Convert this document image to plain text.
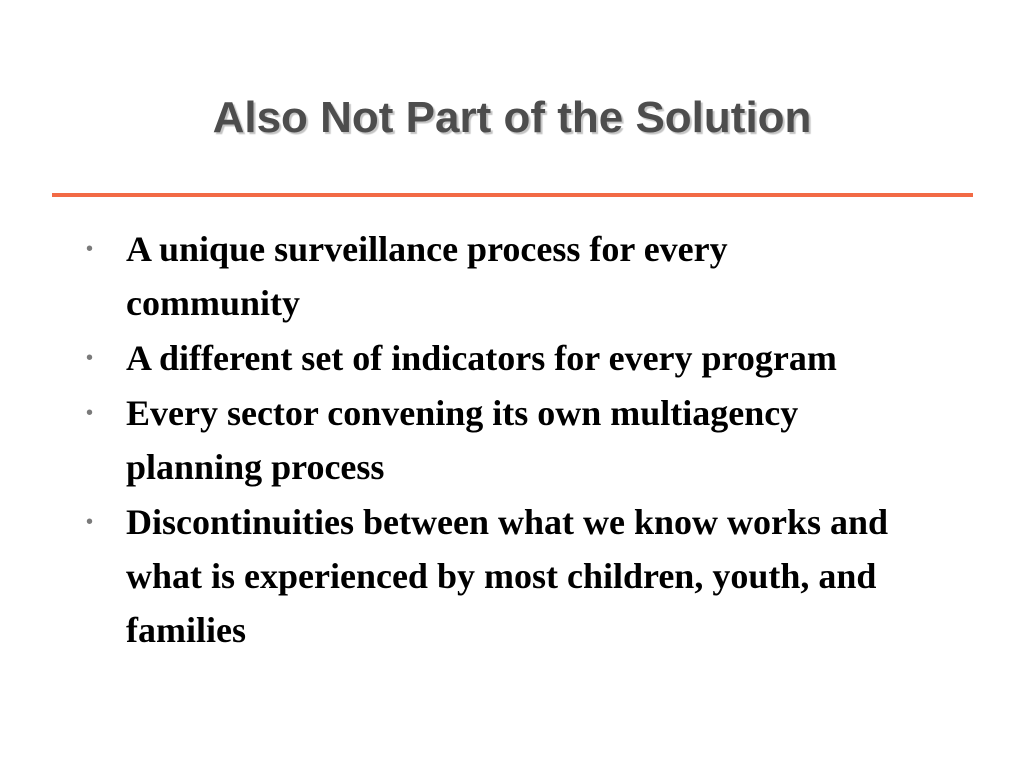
Also Not Part of the Solution
• A unique surveillance process for every community
• A different set of indicators for every program
• Every sector convening its own multiagency planning process
• Discontinuities between what we know works and what is experienced by most children, youth, and families
